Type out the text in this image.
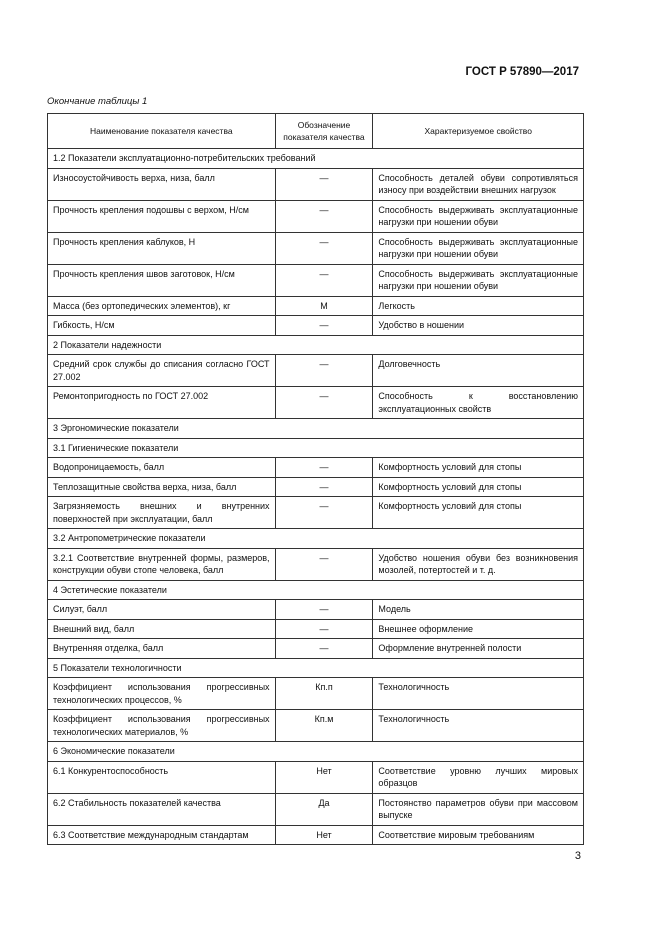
ГОСТ Р 57890—2017
Окончание таблицы 1
Наименование показателя качества	Обозначение показателя качества	Характеризуемое свойство
1.2 Показатели эксплуатационно-потребительских требований		
Износоустойчивость верха, низа, балл	—	Способность деталей обуви сопротивляться износу при воздействии внешних нагрузок
Прочность крепления подошвы с верхом, Н/см	—	Способность выдерживать эксплуатационные нагрузки при ношении обуви
Прочность крепления каблуков, Н	—	Способность выдерживать эксплуатационные нагрузки при ношении обуви
Прочность крепления швов заготовок, Н/см	—	Способность выдерживать эксплуатационные нагрузки при ношении обуви
Масса (без ортопедических элементов), кг	М	Легкость
Гибкость, Н/см	—	Удобство в ношении
2 Показатели надежности		
Средний срок службы до списания согласно ГОСТ 27.002	—	Долговечность
Ремонтопригодность по ГОСТ 27.002	—	Способность к восстановлению эксплуатационных свойств
3 Эргономические показатели		
3.1 Гигиенические показатели		
Водопроницаемость, балл	—	Комфортность условий для стопы
Теплозащитные свойства верха, низа, балл	—	Комфортность условий для стопы
Загрязняемость внешних и внутренних поверхностей при эксплуатации, балл	—	Комфортность условий для стопы
3.2 Антропометрические показатели		
3.2.1 Соответствие внутренней формы, размеров, конструкции обуви стопе человека, балл	—	Удобство ношения обуви без возникновения мозолей, потертостей и т. д.
4 Эстетические показатели		
Силуэт, балл	—	Модель
Внешний вид, балл	—	Внешнее оформление
Внутренняя отделка, балл	—	Оформление внутренней полости
5 Показатели технологичности		
Коэффициент использования прогрессивных технологических процессов, %	Кп.п	Технологичность
Коэффициент использования прогрессивных технологических материалов, %	Кп.м	Технологичность
6 Экономические показатели		
6.1 Конкурентоспособность	Нет	Соответствие уровню лучших мировых образцов
6.2 Стабильность показателей качества	Да	Постоянство параметров обуви при массовом выпуске
6.3 Соответствие международным стандартам	Нет	Соответствие мировым требованиям
3
